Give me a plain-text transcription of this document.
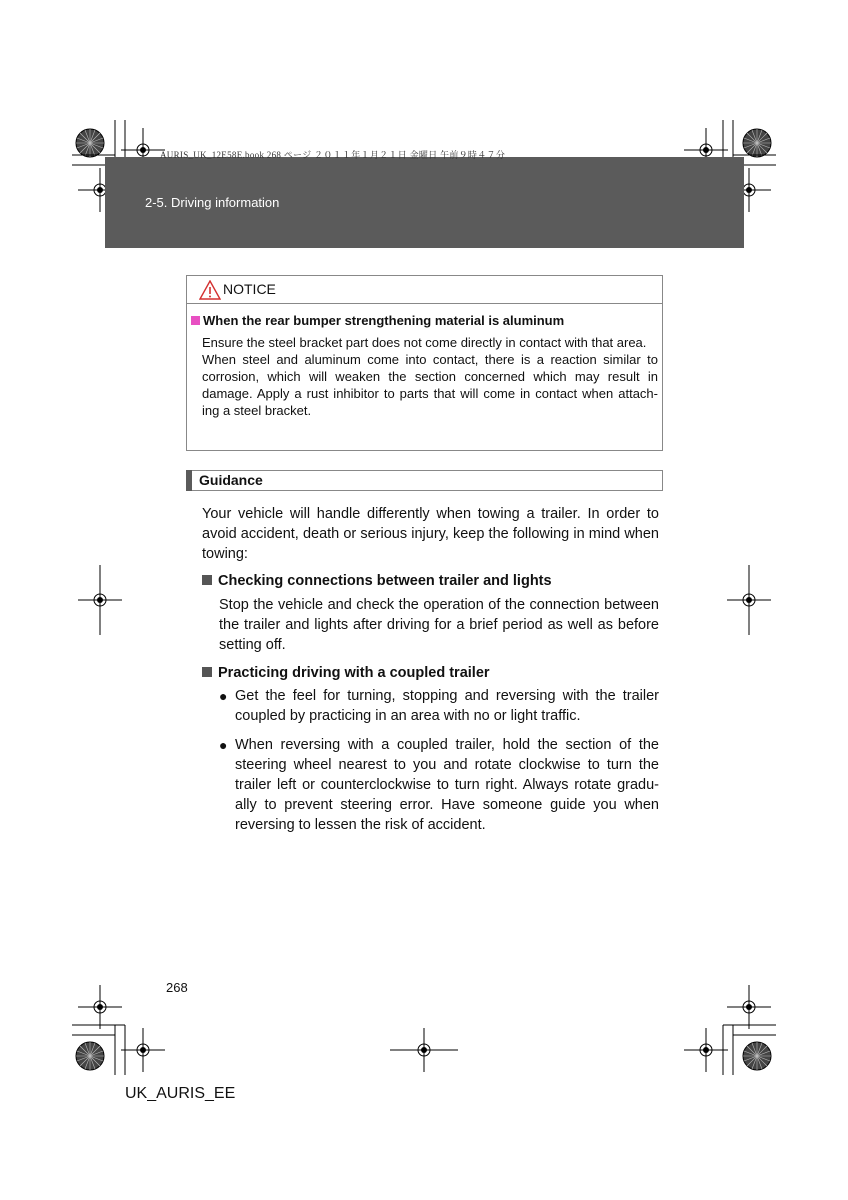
AURIS_UK_12E58E.book 268 ページ ２０１１年１月２１日 金曜日 午前９時４７分
2-5. Driving information
NOTICE
When the rear bumper strengthening material is aluminum

Ensure the steel bracket part does not come directly in contact with that area.

When steel and aluminum come into contact, there is a reaction similar to corrosion, which will weaken the section concerned which may result in damage. Apply a rust inhibitor to parts that will come in contact when attach- ing a steel bracket.

Guidance
Your vehicle will handle differently when towing a trailer. In order to avoid accident, death or serious injury, keep the following in mind when towing:
Checking connections between trailer and lights
Stop the vehicle and check the operation of the connection between the trailer and lights after driving for a brief period as well as before setting off.
Practicing driving with a coupled trailer
● Get the feel for turning, stopping and reversing with the trailer coupled by practicing in an area with no or light traffic.
● When reversing with a coupled trailer, hold the section of the steering wheel nearest to you and rotate clockwise to turn the trailer left or counterclockwise to turn right. Always rotate gradu- ally to prevent steering error. Have someone guide you when reversing to lessen the risk of accident.
268
UK_AURIS_EE
